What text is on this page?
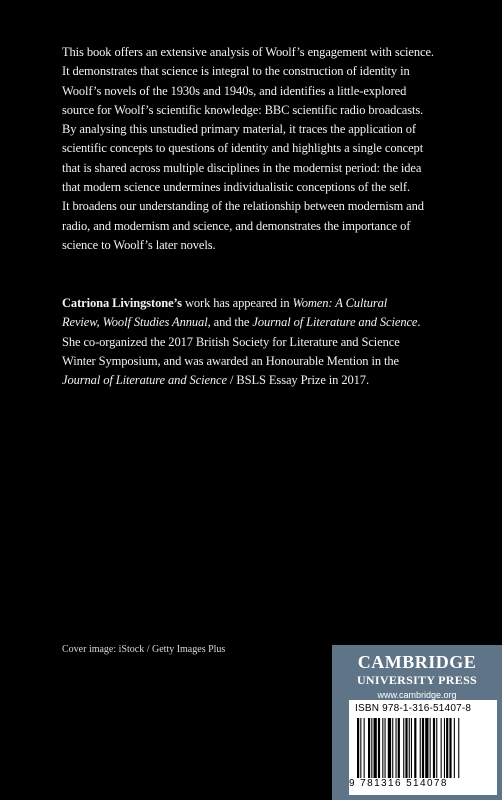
This book offers an extensive analysis of Woolf’s engagement with science.
It demonstrates that science is integral to the construction of identity in
Woolf’s novels of the 1930s and 1940s, and identifies a little-explored
source for Woolf’s scientific knowledge: BBC scientific radio broadcasts.
By analysing this unstudied primary material, it traces the application of
scientific concepts to questions of identity and highlights a single concept
that is shared across multiple disciplines in the modernist period: the idea
that modern science undermines individualistic conceptions of the self.
It broadens our understanding of the relationship between modernism and
radio, and modernism and science, and demonstrates the importance of
science to Woolf’s later novels.

Catriona Livingstone’s work has appeared in Women: A Cultural
Review, Woolf Studies Annual, and the Journal of Literature and Science.
She co-organized the 2017 British Society for Literature and Science
Winter Symposium, and was awarded an Honourable Mention in the
Journal of Literature and Science / BSLS Essay Prize in 2017.

Cover image: iStock / Getty Images Plus
CAMBRIDGE
UNIVERSITY PRESS
www.cambridge.org
ISBN 978-1-316-51407-8
9 781316 514078
